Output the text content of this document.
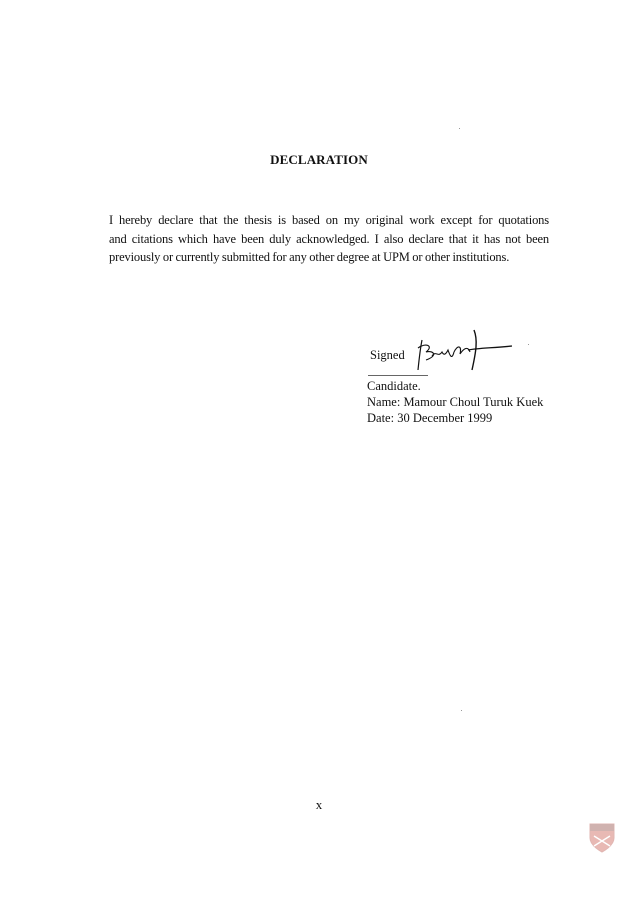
DECLARATION
I hereby declare that the thesis is based on my original work except for quotations
and citations which have been duly acknowledged. I also declare that it has not been
previously or currently submitted for any other degree at UPM or other institutions.
Signed
Candidate.
Name: Mamour Choul Turuk Kuek
Date: 30 December 1999
x
